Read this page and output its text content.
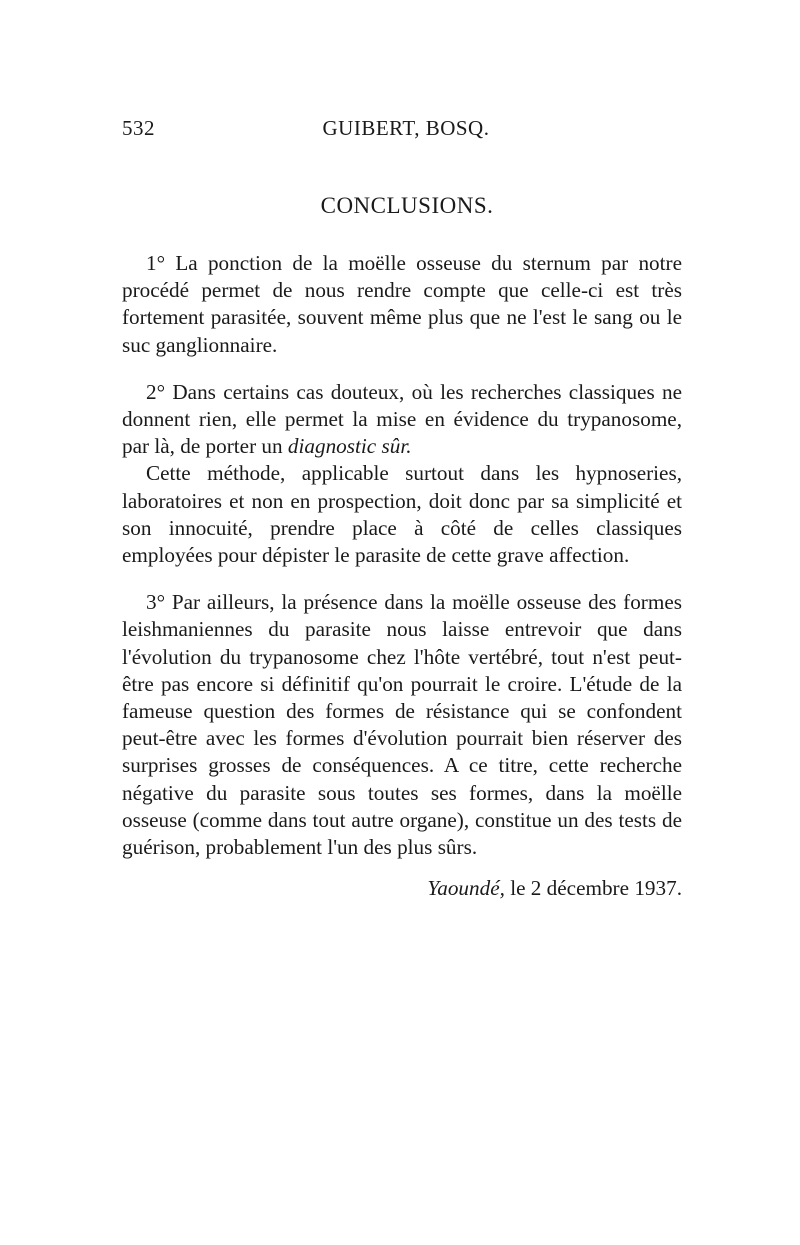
532	GUIBERT, BOSQ.
CONCLUSIONS.

1° La ponction de la moëlle osseuse du sternum par notre procédé permet de nous rendre compte que celle-ci est très fortement parasitée, souvent même plus que ne l'est le sang ou le suc ganglionnaire.

2° Dans certains cas douteux, où les recherches classiques ne donnent rien, elle permet la mise en évidence du trypanosome, par là, de porter un diagnostic sûr.

Cette méthode, applicable surtout dans les hypnoseries, laboratoires et non en prospection, doit donc par sa simplicité et son innocuité, prendre place à côté de celles classiques employées pour dépister le parasite de cette grave affection.

3° Par ailleurs, la présence dans la moëlle osseuse des formes leishmaniennes du parasite nous laisse entrevoir que dans l'évolution du trypanosome chez l'hôte vertébré, tout n'est peut-être pas encore si définitif qu'on pourrait le croire. L'étude de la fameuse question des formes de résistance qui se confondent peut-être avec les formes d'évolution pourrait bien réserver des surprises grosses de conséquences. A ce titre, cette recherche négative du parasite sous toutes ses formes, dans la moëlle osseuse (comme dans tout autre organe), constitue un des tests de guérison, probablement l'un des plus sûrs.

Yaoundé, le 2 décembre 1937.
